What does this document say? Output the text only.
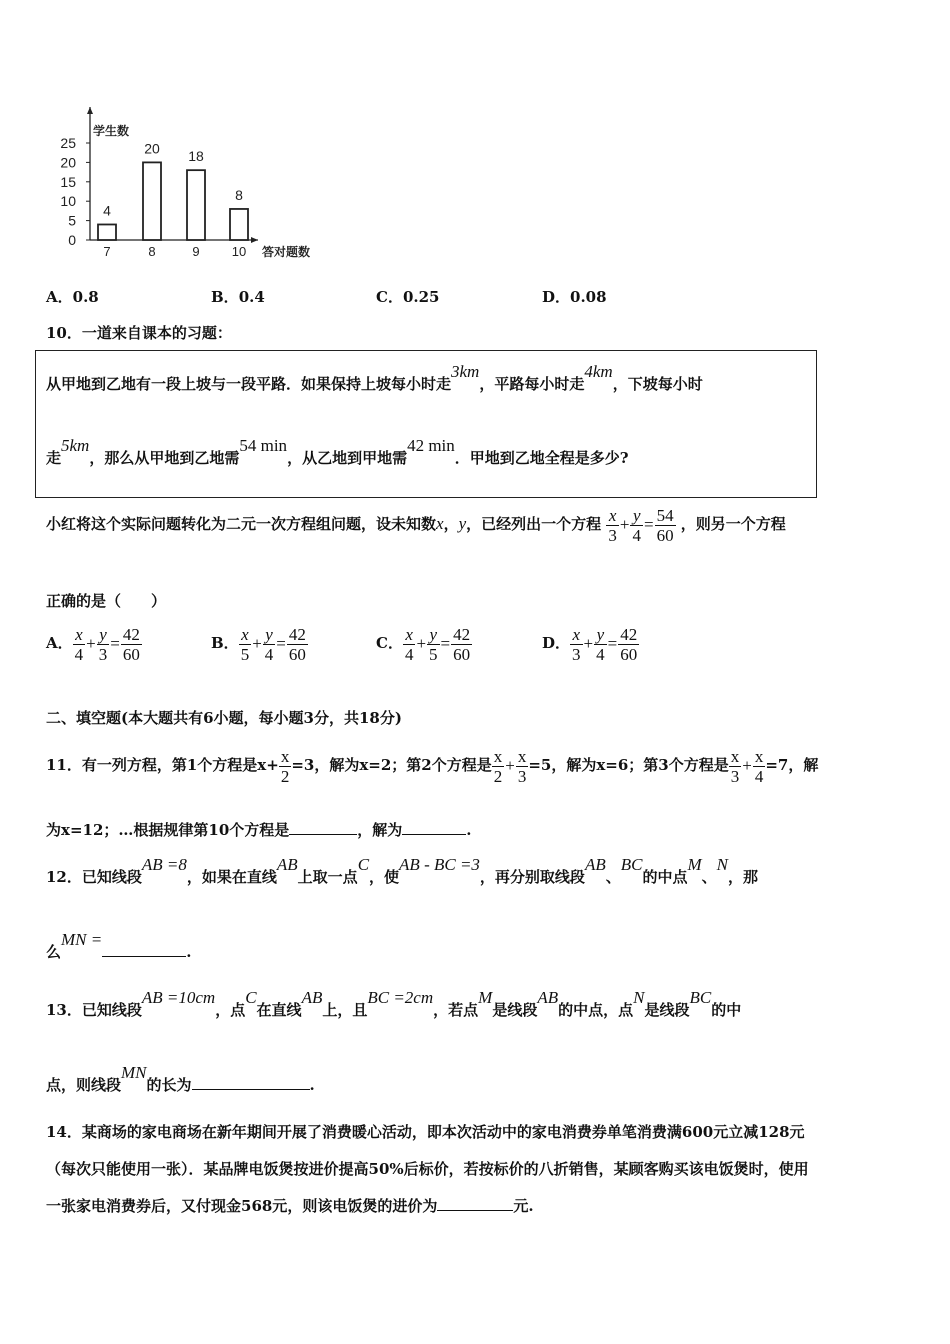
0
5
10
15
20
25
学生数
4
7
20
8
18
9
8
10 答对题数
A．0.8	B．0.4	C．0.25	D．0.08
10．一道来自课本的习题：
从甲地到乙地有一段上坡与一段平路．如果保持上坡每小时走3km，平路每小时走4km，下坡每小时
走5km，那么从甲地到乙地需54 min，从乙地到甲地需42 min．甲地到乙地全程是多少?
小红将这个实际问题转化为二元一次方程组问题，设未知数x，y，已经列出一个方程 $\frac{x}{3} + \frac{y}{4} = \frac{54}{60}$ ，则另一个方程
正确的是（　　）
A． $\frac{x}{4} + \frac{y}{3} = \frac{42}{60}$	B． $\frac{x}{5} + \frac{y}{4} = \frac{42}{60}$	C． $\frac{x}{4} + \frac{y}{5} = \frac{42}{60}$	D． $\frac{x}{3} + \frac{y}{4} = \frac{42}{60}$
二、填空题(本大题共有6小题，每小题3分，共18分)
11．有一列方程，第1个方程是$x+ \frac{x}{2} =3$，解为x=2；第2个方程是 $\frac{x}{2} + \frac{x}{3} =5$，解为x=6；第3个方程是 $\frac{x}{3} + \frac{x}{4} =7$，解
为x=12；…根据规律第10个方程是	，解为	.
12．已知线段AB =8，如果在直线AB上取一点C，使AB - BC =3，再分别取线段AB、BC的中点M、N，那
么MN =.
13．已知线段AB =10cm，点C在直线AB上，且BC =2cm，若点M是线段AB的中点，点N是线段BC的中
点，则线段MN的长为	.
14．某商场的家电商场在新年期间开展了消费暖心活动，即本次活动中的家电消费券单笔消费满600元立减128元
（每次只能使用一张）．某品牌电饭煲按进价提高50%后标价，若按标价的八折销售，某顾客购买该电饭煲时，使用
一张家电消费券后，又付现金568元，则该电饭煲的进价为	元.
